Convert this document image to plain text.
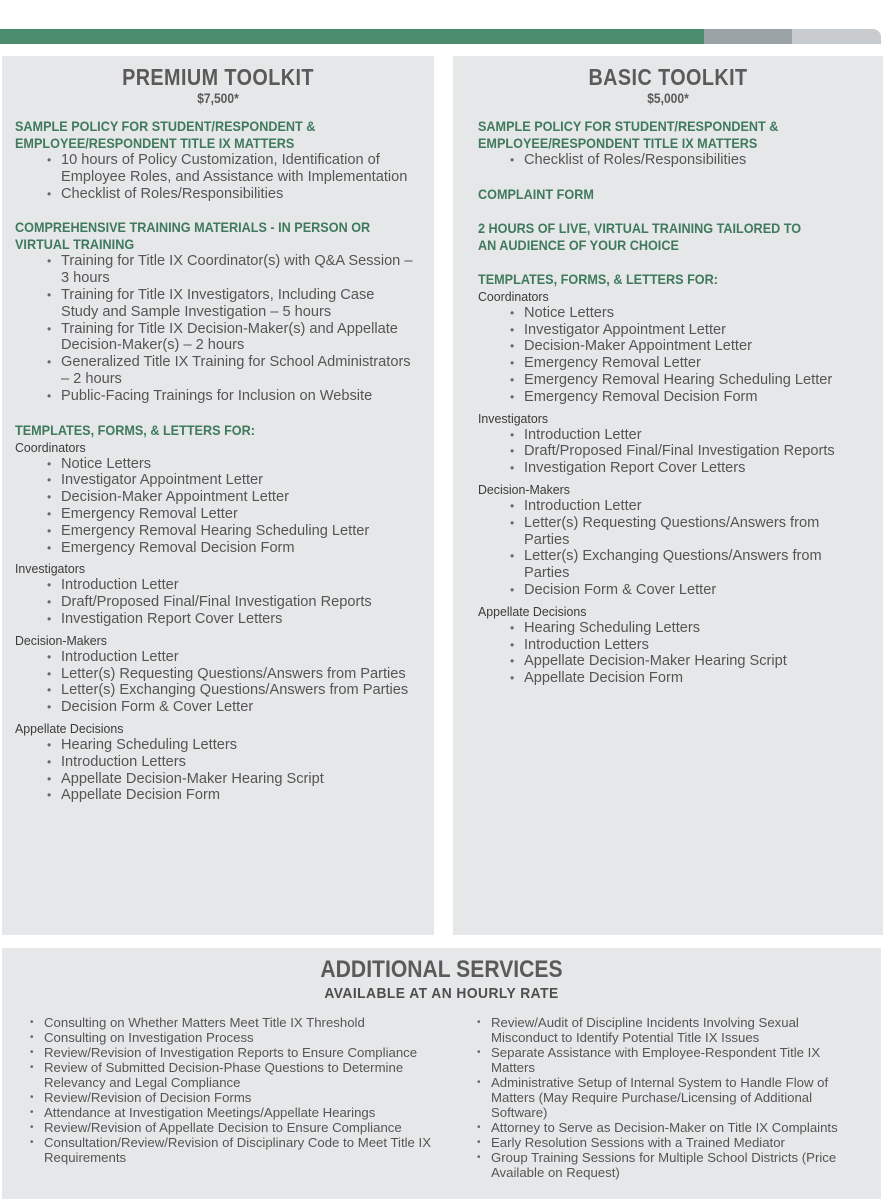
PREMIUM TOOLKIT
$7,500*
SAMPLE POLICY FOR STUDENT/RESPONDENT & EMPLOYEE/RESPONDENT TITLE IX MATTERS
• 10 hours of Policy Customization, Identification of Employee Roles, and Assistance with Implementation
• Checklist of Roles/Responsibilities
COMPREHENSIVE TRAINING MATERIALS - IN PERSON OR VIRTUAL TRAINING
• Training for Title IX Coordinator(s) with Q&A Session – 3 hours
• Training for Title IX Investigators, Including Case Study and Sample Investigation – 5 hours
• Training for Title IX Decision-Maker(s) and Appellate Decision-Maker(s) – 2 hours
• Generalized Title IX Training for School Administrators – 2 hours
• Public-Facing Trainings for Inclusion on Website
TEMPLATES, FORMS, & LETTERS FOR:
Coordinators
• Notice Letters
• Investigator Appointment Letter
• Decision-Maker Appointment Letter
• Emergency Removal Letter
• Emergency Removal Hearing Scheduling Letter
• Emergency Removal Decision Form
Investigators
• Introduction Letter
• Draft/Proposed Final/Final Investigation Reports
• Investigation Report Cover Letters
Decision-Makers
• Introduction Letter
• Letter(s) Requesting Questions/Answers from Parties
• Letter(s) Exchanging Questions/Answers from Parties
• Decision Form & Cover Letter
Appellate Decisions
• Hearing Scheduling Letters
• Introduction Letters
• Appellate Decision-Maker Hearing Script
• Appellate Decision Form
BASIC TOOLKIT
$5,000*
SAMPLE POLICY FOR STUDENT/RESPONDENT & EMPLOYEE/RESPONDENT TITLE IX MATTERS
• Checklist of Roles/Responsibilities
COMPLAINT FORM
2 HOURS OF LIVE, VIRTUAL TRAINING TAILORED TO AN AUDIENCE OF YOUR CHOICE
TEMPLATES, FORMS, & LETTERS FOR:
Coordinators
• Notice Letters
• Investigator Appointment Letter
• Decision-Maker Appointment Letter
• Emergency Removal Letter
• Emergency Removal Hearing Scheduling Letter
• Emergency Removal Decision Form
Investigators
• Introduction Letter
• Draft/Proposed Final/Final Investigation Reports
• Investigation Report Cover Letters
Decision-Makers
• Introduction Letter
• Letter(s) Requesting Questions/Answers from Parties
• Letter(s) Exchanging Questions/Answers from Parties
• Decision Form & Cover Letter
Appellate Decisions
• Hearing Scheduling Letters
• Introduction Letters
• Appellate Decision-Maker Hearing Script
• Appellate Decision Form
ADDITIONAL SERVICES
AVAILABLE AT AN HOURLY RATE
• Consulting on Whether Matters Meet Title IX Threshold
• Consulting on Investigation Process
• Review/Revision of Investigation Reports to Ensure Compliance
• Review of Submitted Decision-Phase Questions to Determine Relevancy and Legal Compliance
• Review/Revision of Decision Forms
• Attendance at Investigation Meetings/Appellate Hearings
• Review/Revision of Appellate Decision to Ensure Compliance
• Consultation/Review/Revision of Disciplinary Code to Meet Title IX Requirements
• Review/Audit of Discipline Incidents Involving Sexual Misconduct to Identify Potential Title IX Issues
• Separate Assistance with Employee-Respondent Title IX Matters
• Administrative Setup of Internal System to Handle Flow of Matters (May Require Purchase/Licensing of Additional Software)
• Attorney to Serve as Decision-Maker on Title IX Complaints
• Early Resolution Sessions with a Trained Mediator
• Group Training Sessions for Multiple School Districts (Price Available on Request)
